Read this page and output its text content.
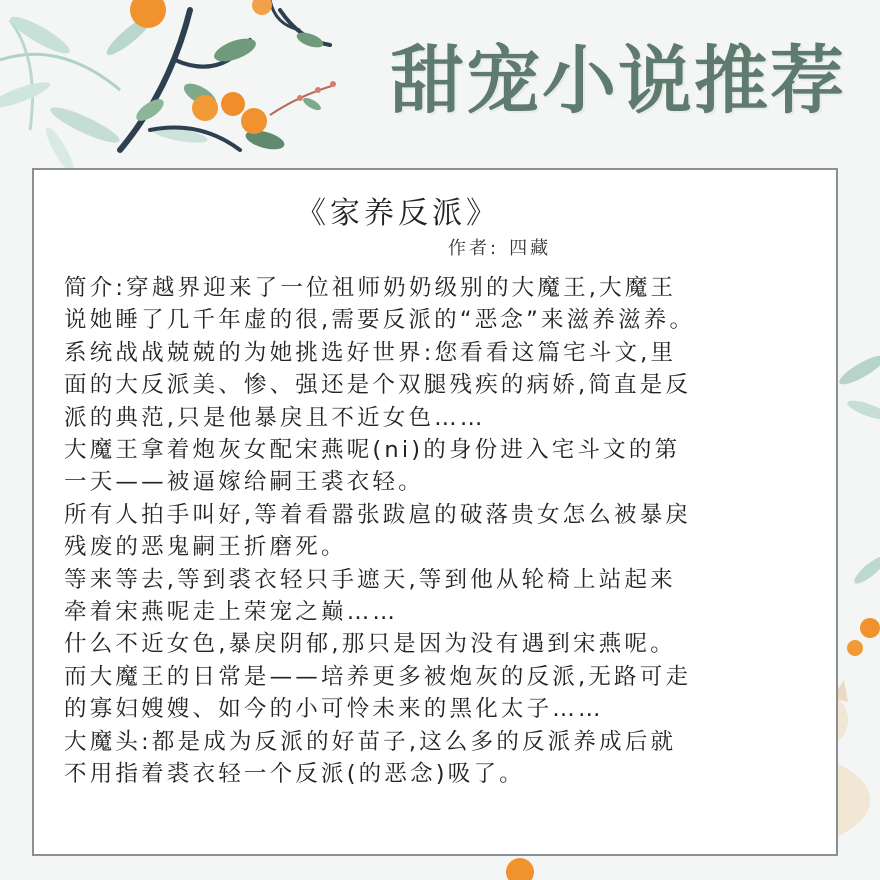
甜宠小说推荐
《家养反派》
作者: 四藏
简介:穿越界迎来了一位祖师奶奶级别的大魔王,大魔王
说她睡了几千年虚的很,需要反派的“恶念”来滋养滋养。
系统战战兢兢的为她挑选好世界:您看看这篇宅斗文,里
面的大反派美、惨、强还是个双腿残疾的病娇,简直是反
派的典范,只是他暴戾且不近女色……
大魔王拿着炮灰女配宋燕呢(ni)的身份进入宅斗文的第
一天——被逼嫁给嗣王裘衣轻。
所有人拍手叫好,等着看嚣张跋扈的破落贵女怎么被暴戾
残废的恶鬼嗣王折磨死。
等来等去,等到裘衣轻只手遮天,等到他从轮椅上站起来
牵着宋燕呢走上荣宠之巅……
什么不近女色,暴戾阴郁,那只是因为没有遇到宋燕呢。
而大魔王的日常是——培养更多被炮灰的反派,无路可走
的寡妇嫂嫂、如今的小可怜未来的黑化太子……
大魔头:都是成为反派的好苗子,这么多的反派养成后就
不用指着裘衣轻一个反派(的恶念)吸了。
